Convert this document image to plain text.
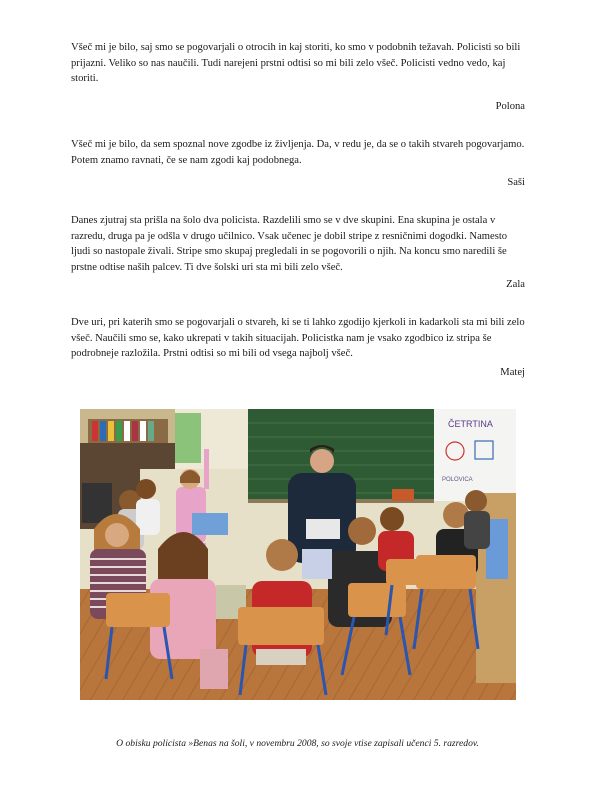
Všeč mi je bilo, saj smo se pogovarjali o otrocih in kaj storiti, ko smo v podobnih težavah. Policisti so bili prijazni. Veliko so nas naučili. Tudi narejeni prstni odtisi so mi bili zelo všeč. Policisti vedno vedo, kaj storiti.

Polona

Všeč mi je bilo, da sem spoznal nove zgodbe iz življenja. Da, v redu je, da se o takih stvareh pogovarjamo. Potem znamo ravnati, če se nam zgodi kaj podobnega.

Saši

Danes zjutraj sta prišla na šolo dva policista. Razdelili smo se v dve skupini. Ena skupina je ostala v razredu, druga pa je odšla v drugo učilnico. Vsak učenec je dobil stripe z resničnimi dogodki. Namesto ljudi so nastopale živali. Stripe smo skupaj pregledali in se pogovorili o njih. Na koncu smo naredili še prstne odtise naših palcev. Ti dve šolski uri sta mi bili zelo všeč.

Zala

Dve uri, pri katerih smo se pogovarjali o stvareh, ki se ti lahko zgodijo kjerkoli in kadarkoli sta mi bili zelo všeč. Naučili smo se, kako ukrepati v takih situacijah. Policistka nam je vsako zgodbico iz stripa še podrobneje razložila. Prstni odtisi so mi bili od vsega najbolj všeč.

Matej
ČETRTINA
POLOVICA
O obisku policista »Benas na šoli, v novembru 2008, so svoje vtise zapisali učenci 5. razredov.
